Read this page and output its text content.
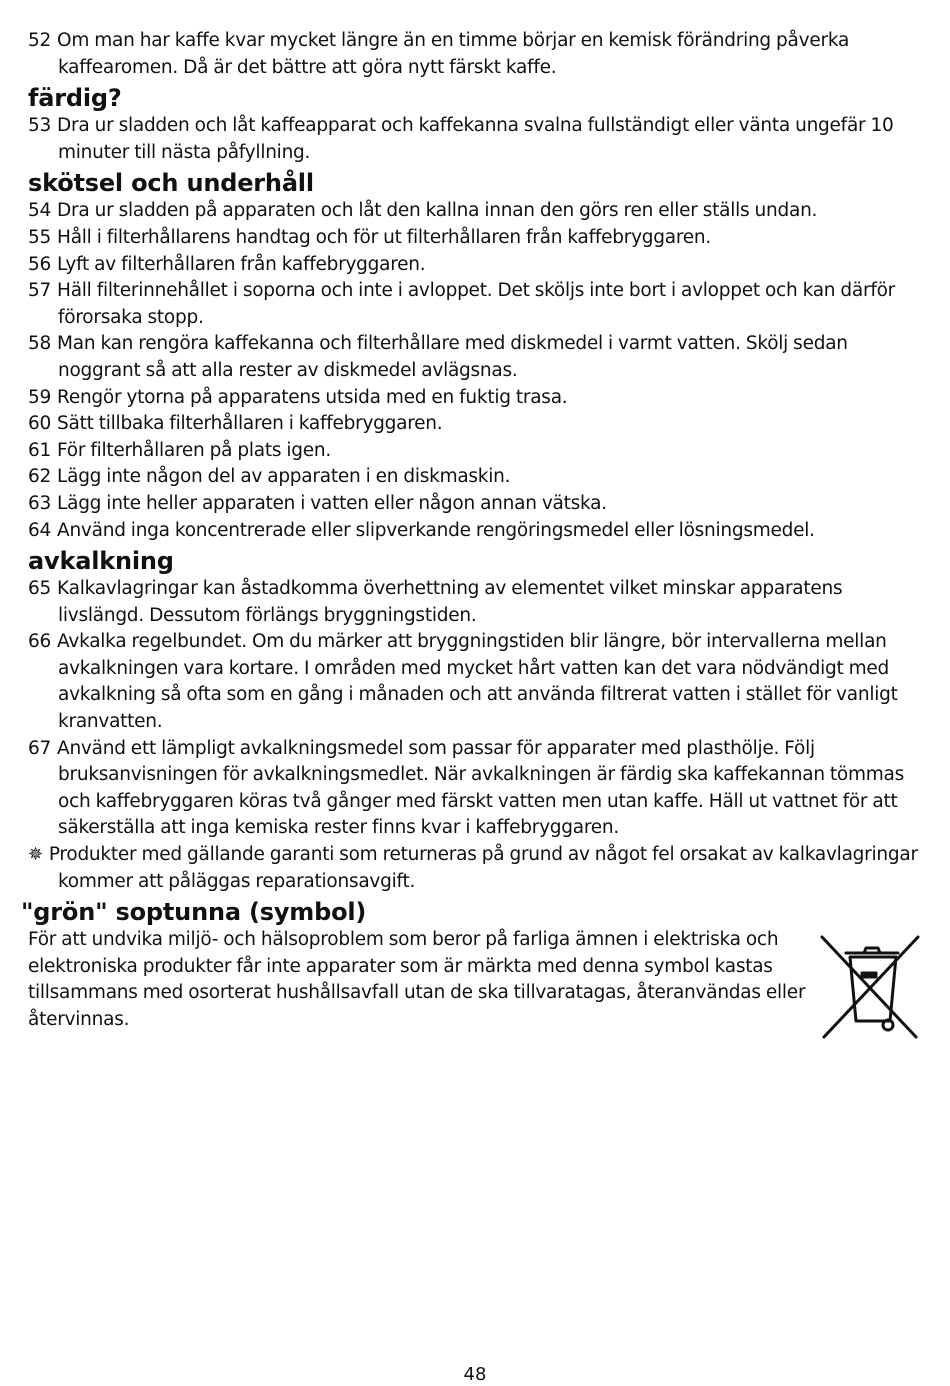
52 Om man har kaffe kvar mycket längre än en timme börjar en kemisk förändring påverka kaffearomen. Då är det bättre att göra nytt färskt kaffe.
färdig?
53 Dra ur sladden och låt kaffeapparat och kaffekanna svalna fullständigt eller vänta ungefär 10 minuter till nästa påfyllning.
skötsel och underhåll
54 Dra ur sladden på apparaten och låt den kallna innan den görs ren eller ställs undan.
55 Håll i filterhållarens handtag och för ut filterhållaren från kaffebryggaren.
56 Lyft av filterhållaren från kaffebryggaren.
57 Häll filterinnehållet i soporna och inte i avloppet. Det sköljs inte bort i avloppet och kan därför förorsaka stopp.
58 Man kan rengöra kaffekanna och filterhållare med diskmedel i varmt vatten. Skölj sedan noggrant så att alla rester av diskmedel avlägsnas.
59 Rengör ytorna på apparatens utsida med en fuktig trasa.
60 Sätt tillbaka filterhållaren i kaffebryggaren.
61 För filterhållaren på plats igen.
62 Lägg inte någon del av apparaten i en diskmaskin.
63 Lägg inte heller apparaten i vatten eller någon annan vätska.
64 Använd inga koncentrerade eller slipverkande rengöringsmedel eller lösningsmedel.
avkalkning
65 Kalkavlagringar kan åstadkomma överhettning av elementet vilket minskar apparatens livslängd. Dessutom förlängs bryggningstiden.
66 Avkalka regelbundet. Om du märker att bryggningstiden blir längre, bör intervallerna mellan avkalkningen vara kortare. I områden med mycket hårt vatten kan det vara nödvändigt med avkalkning så ofta som en gång i månaden och att använda filtrerat vatten i stället för vanligt kranvatten.
67 Använd ett lämpligt avkalkningsmedel som passar för apparater med plasthölje. Följ bruksanvisningen för avkalkningsmedlet. När avkalkningen är färdig ska kaffekannan tömmas och kaffebryggaren köras två gånger med färskt vatten men utan kaffe. Häll ut vattnet för att säkerställa att inga kemiska rester finns kvar i kaffebryggaren.
✵ Produkter med gällande garanti som returneras på grund av något fel orsakat av kalkavlagringar kommer att påläggas reparationsavgift.
"grön" soptunna (symbol)
För att undvika miljö- och hälsoproblem som beror på farliga ämnen i elektriska och elektroniska produkter får inte apparater som är märkta med denna symbol kastas tillsammans med osorterat hushållsavfall utan de ska tillvaratagas, återanvändas eller återvinnas.
48
